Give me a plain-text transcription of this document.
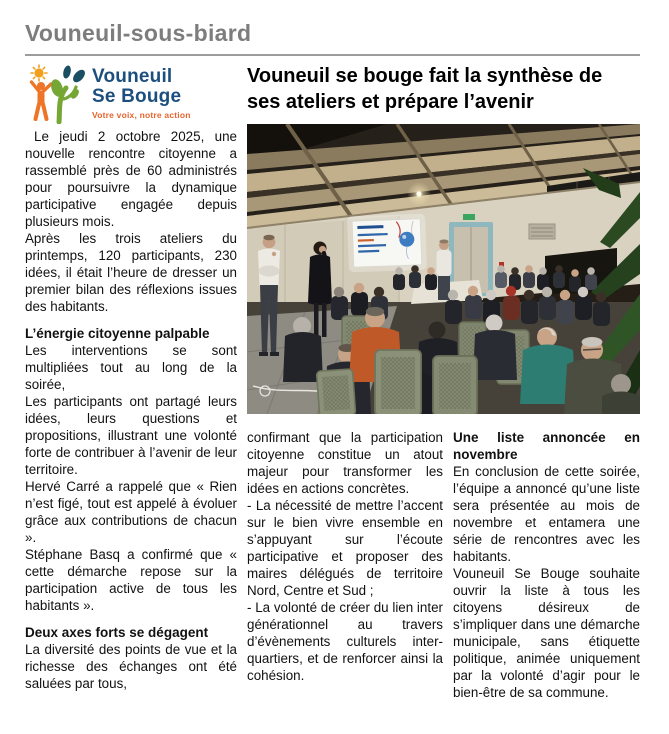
Vouneuil-sous-biard
Vouneuil
Se Bouge
Votre voix, notre action

Le jeudi 2 octobre 2025, une nouvelle rencontre citoyenne a rassemblé près de 60 administrés pour poursuivre la dynamique participative engagée depuis plusieurs mois.

Après les trois ateliers du printemps, 120 participants, 230 idées, il était l’heure de dresser un premier bilan des réflexions issues des habitants.

L’énergie citoyenne palpable

Les interventions se sont multipliées tout au long de la soirée,

Les participants ont partagé leurs idées, leurs questions et propositions, illustrant une volonté forte de contribuer à l’avenir de leur territoire.

Hervé Carré a rappelé que « Rien n’est figé, tout est appelé à évoluer grâce aux contributions de chacun ».

Stéphane Basq a confirmé que « cette démarche repose sur la participation active de tous les habitants ».

Deux axes forts se dégagent

La diversité des points de vue et la richesse des échanges ont été saluées par tous,

Vouneuil se bouge fait la synthèse de ses ateliers et prépare l’avenir

confirmant que la participation citoyenne constitue un atout majeur pour transformer les idées en actions concrètes.

- La nécessité de mettre l’accent sur le bien vivre ensemble en s’appuyant sur l’écoute participative et proposer des maires délégués de territoire Nord, Centre et Sud ;

- La volonté de créer du lien inter générationnel au travers d’évènements culturels inter-quartiers, et de renforcer ainsi la cohésion.

Une liste annoncée en novembre

En conclusion de cette soirée, l’équipe a annoncé qu’une liste sera présentée au mois de novembre et entamera une série de rencontres avec les habitants.

Vouneuil Se Bouge souhaite ouvrir la liste à tous les citoyens désireux de s’impliquer dans une démarche municipale, sans étiquette politique, animée uniquement par la volonté d’agir pour le bien-être de sa commune.
